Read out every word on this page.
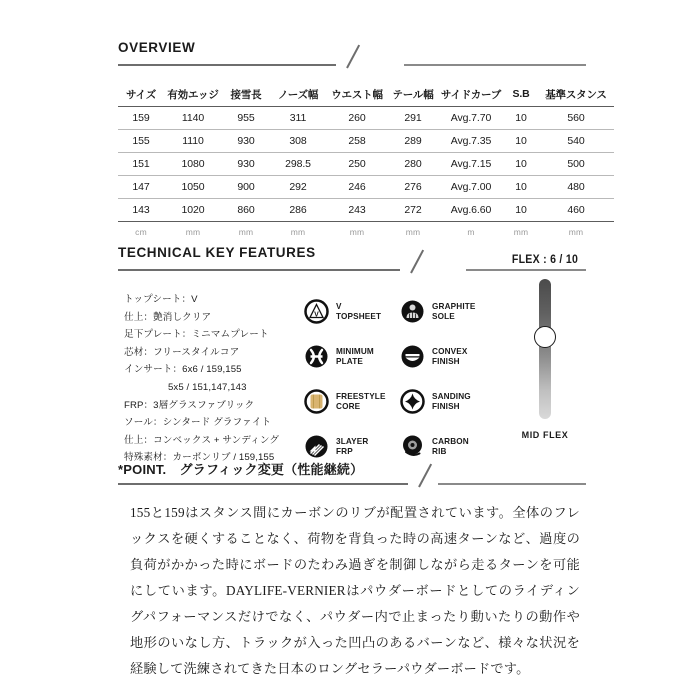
OVERVIEW
サイズ	有効エッジ	接雪長	ノーズ幅	ウエスト幅	テール幅	サイドカーブ	S.B	基準スタンス
159	1140	955	311	260	291	Avg.7.70	10	560
155	1110	930	308	258	289	Avg.7.35	10	540
151	1080	930	298.5	250	280	Avg.7.15	10	500
147	1050	900	292	246	276	Avg.7.00	10	480
143	1020	860	286	243	272	Avg.6.60	10	460
cm	mm	mm	mm	mm	mm	m	mm	mm
TECHNICAL KEY FEATURES
トップシート：V
仕上：艶消しクリア
足下プレート：ミニマムプレート
芯材：フリースタイルコア
インサート：6x6 / 159,155
5x5 / 151,147,143
FRP：3層グラスファブリック
ソール：シンタード グラファイト
仕上：コンベックス + サンディング
特殊素材：カーボンリブ / 159,155
V
V
TOPSHEET
MINIMUM
PLATE
FREESTYLE
CORE
3LAYER
FRP
GRAPHITE
SOLE
CONVEX
FINISH
SANDING
FINISH
CARBON
RIB
FLEX : 6 / 10
MID FLEX
*POINT.　グラフィック変更（性能継続）

155と159はスタンス間にカーボンのリブが配置されています。全体のフレックスを硬くすることなく、荷物を背負った時の高速ターンなど、過度の負荷がかかった時にボードのたわみ過ぎを制御しながら走るターンを可能にしています。DAYLIFE-VERNIERはパウダーボードとしてのライディングパフォーマンスだけでなく、パウダー内で止まったり動いたりの動作や地形のいなし方、トラックが入った凹凸のあるバーンなど、様々な状況を経験して洗練されてきた日本のロングセラーパウダーボードです。
